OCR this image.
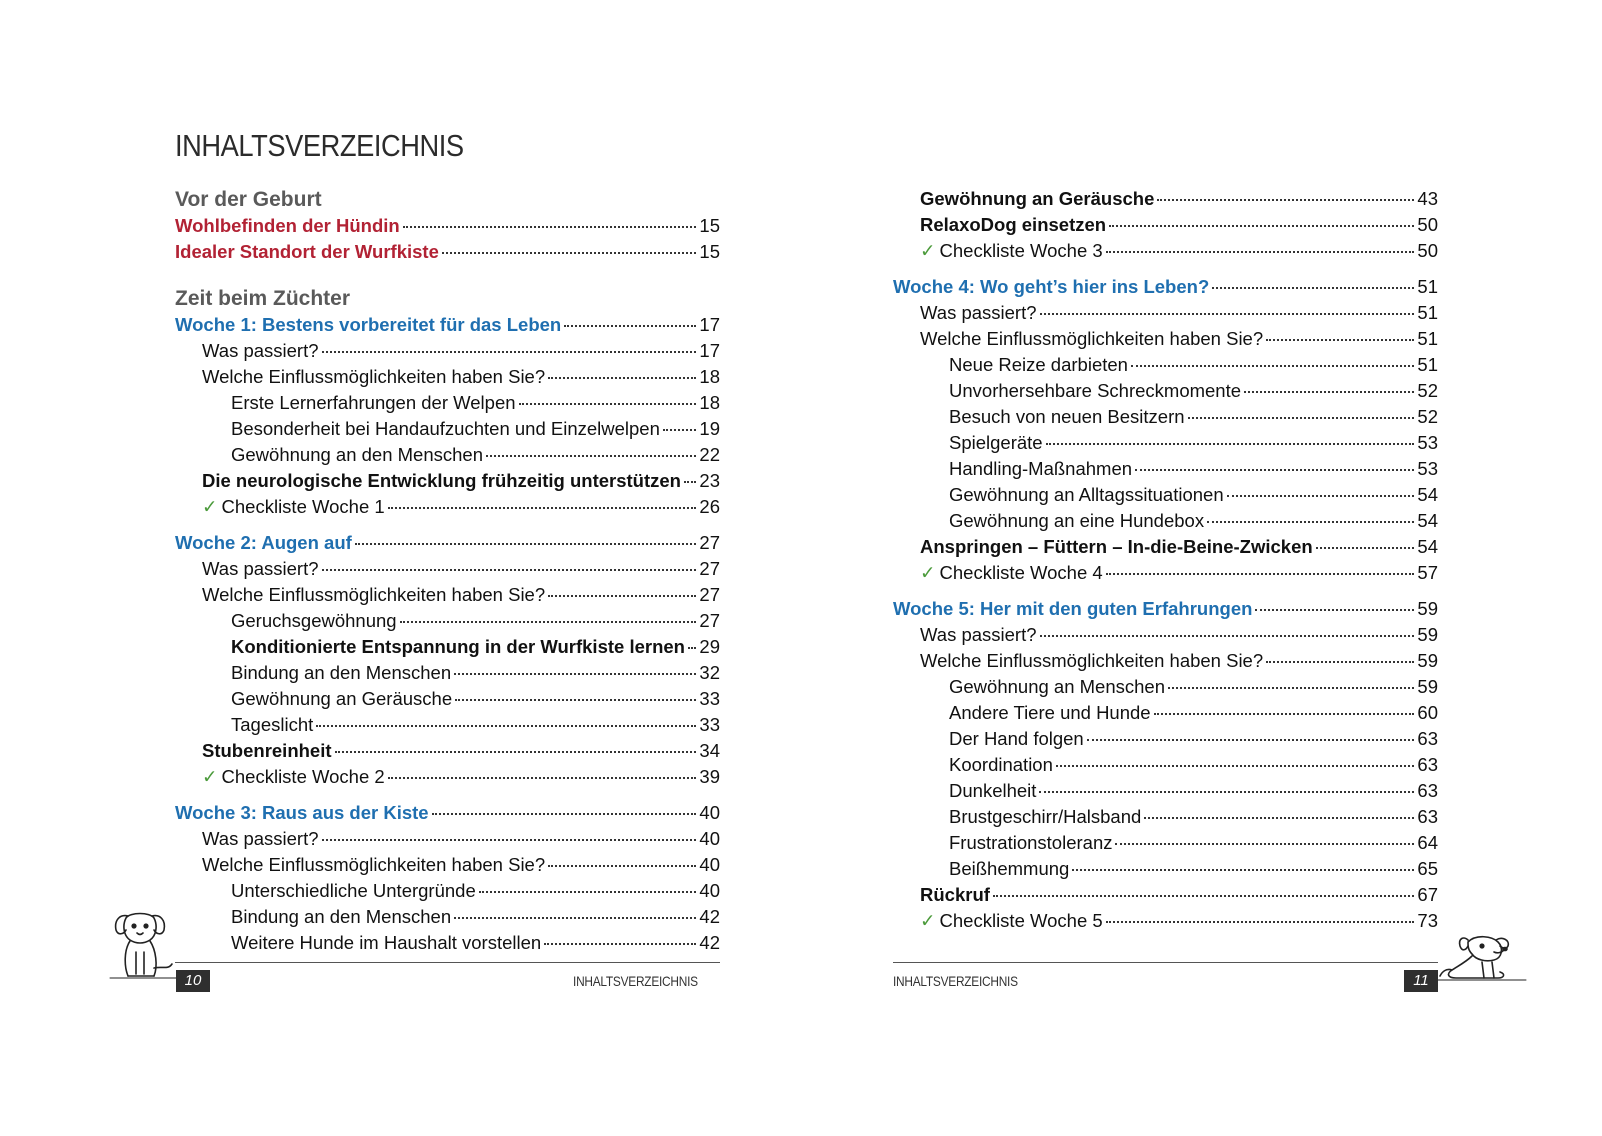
INHALTSVERZEICHNIS
Vor der Geburt
Wohlbefinden der Hündin	15
Idealer Standort der Wurfkiste	15
Zeit beim Züchter
Woche 1: Bestens vorbereitet für das Leben	17
Was passiert?	17
Welche Einflussmöglichkeiten haben Sie?	18
Erste Lernerfahrungen der Welpen	18
Besonderheit bei Handaufzuchten und Einzelwelpen 19
Gewöhnung an den Menschen	22
Die neurologische Entwicklung frühzeitig unterstützen 23
✓ Checkliste Woche 1	26
Woche 2: Augen auf	27
Was passiert?	27
Welche Einflussmöglichkeiten haben Sie?	27
Geruchsgewöhnung	27
Konditionierte Entspannung in der Wurfkiste lernen 29
Bindung an den Menschen	32
Gewöhnung an Geräusche	33
Tageslicht	33
Stubenreinheit	34
✓ Checkliste Woche 2	39
Woche 3: Raus aus der Kiste	40
Was passiert?	40
Welche Einflussmöglichkeiten haben Sie?	40
Unterschiedliche Untergründe	40
Bindung an den Menschen	42
Weitere Hunde im Haushalt vorstellen	42
10	INHALTSVERZEICHNIS
Gewöhnung an Geräusche	43
RelaxoDog einsetzen	50
✓ Checkliste Woche 3	50
Woche 4: Wo geht’s hier ins Leben?	51
Was passiert?	51
Welche Einflussmöglichkeiten haben Sie?	51
Neue Reize darbieten	51
Unvorhersehbare Schreckmomente	52
Besuch von neuen Besitzern	52
Spielgeräte	53
Handling-Maßnahmen	53
Gewöhnung an Alltagssituationen	54
Gewöhnung an eine Hundebox	54
Anspringen – Füttern – In-die-Beine-Zwicken	54
✓ Checkliste Woche 4	57
Woche 5: Her mit den guten Erfahrungen	59
Was passiert?	59
Welche Einflussmöglichkeiten haben Sie?	59
Gewöhnung an Menschen	59
Andere Tiere und Hunde	60
Der Hand folgen	63
Koordination	63
Dunkelheit	63
Brustgeschirr/Halsband	63
Frustrationstoleranz	64
Beißhemmung	65
Rückruf	67
✓ Checkliste Woche 5	73
INHALTSVERZEICHNIS	11
